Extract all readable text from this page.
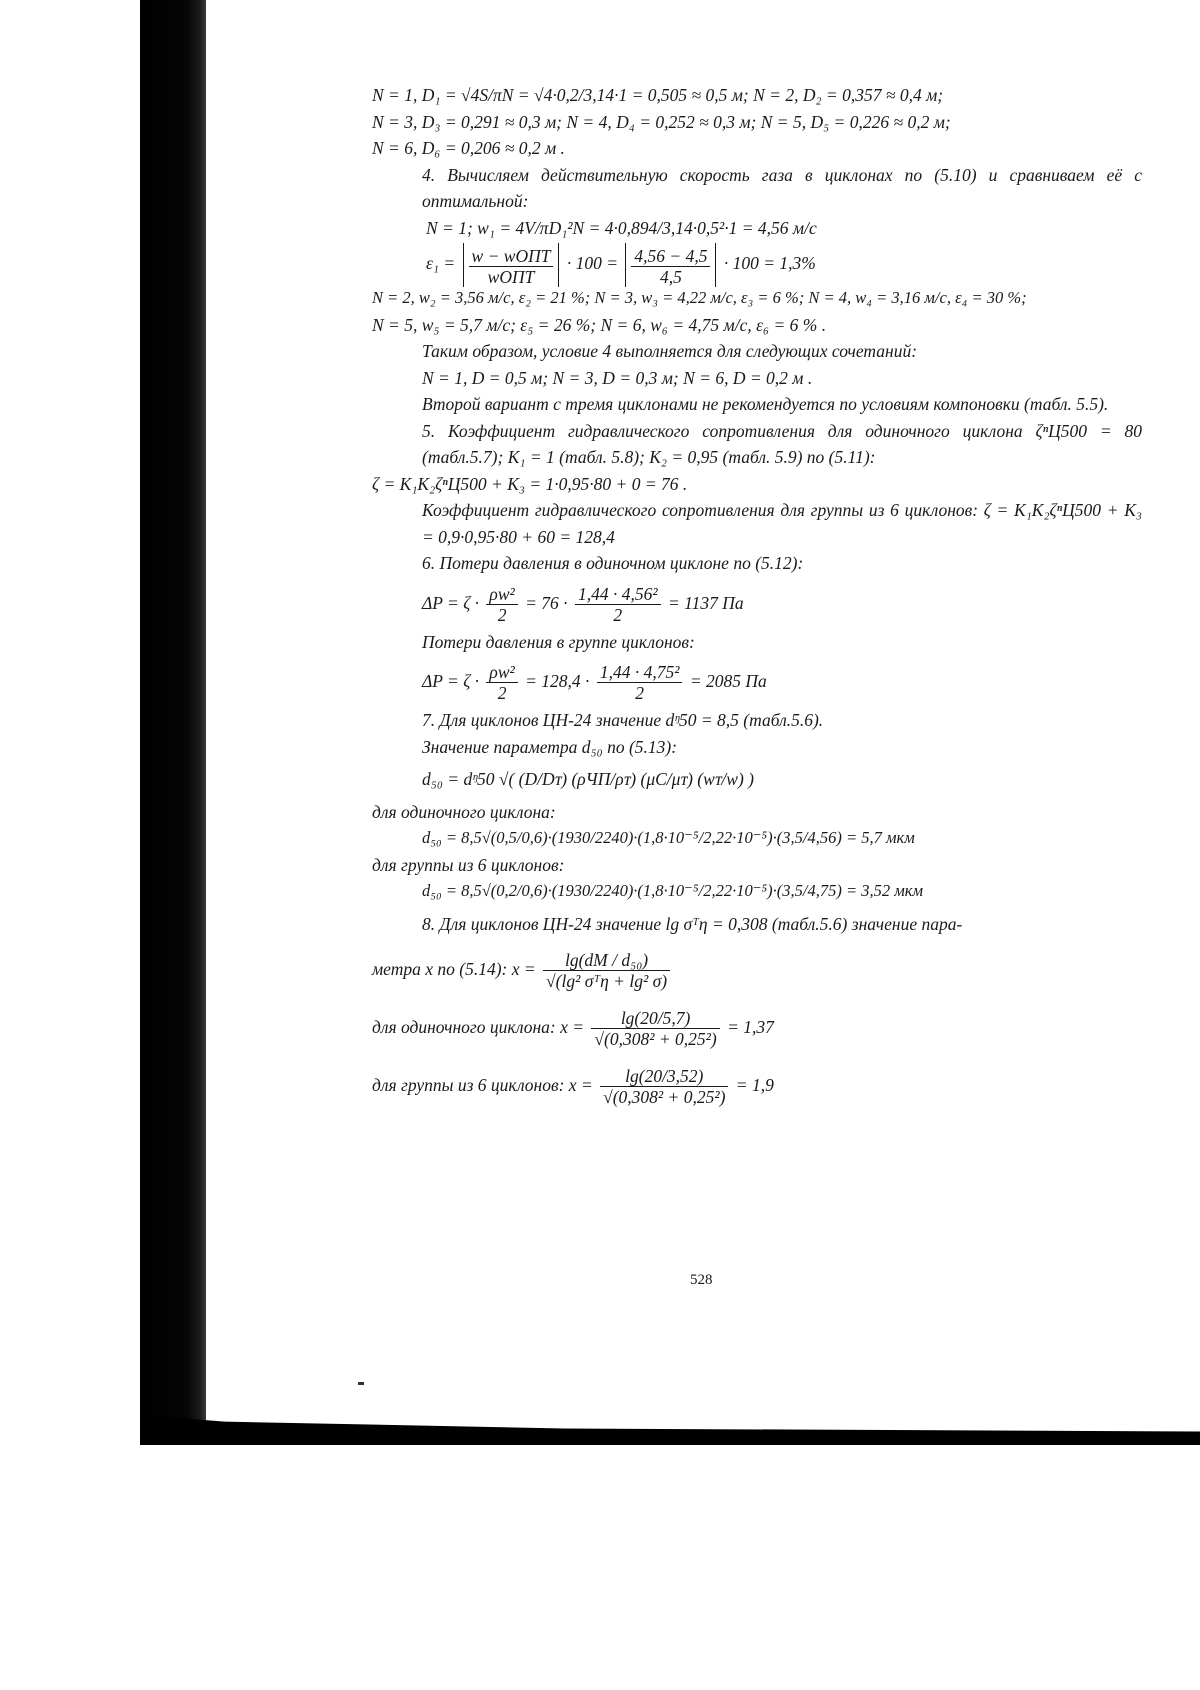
N = 1, D₁ = √4S/πN = √4·0,2/3,14·1 = 0,505 ≈ 0,5 м; N = 2, D₂ = 0,357 ≈ 0,4 м;
N = 3, D₃ = 0,291 ≈ 0,3 м; N = 4, D₄ = 0,252 ≈ 0,3 м; N = 5, D₅ = 0,226 ≈ 0,2 м;
N = 6, D₆ = 0,206 ≈ 0,2 м .
4. Вычисляем действительную скорость газа в циклонах по (5.10) и сравниваем её с оптимальной:
N = 1; w₁ = 4V/πD₁²N = 4·0,894/3,14·0,5²·1 = 4,56 м/с
$\varepsilon_1 = \frac{\text{w − wОПТ}}{\text{wОПТ}} \cdot 100 = \frac{4,56 - 4,5}{4,5} \cdot 100 = 1,3\%$
N = 2, w₂ = 3,56 м/с, ε₂ = 21 %; N = 3, w₃ = 4,22 м/с, ε₃ = 6 %; N = 4, w₄ = 3,16 м/с, ε₄ = 30 %;
N = 5, w₅ = 5,7 м/с; ε₅ = 26 %; N = 6, w₆ = 4,75 м/с, ε₆ = 6 % .
Таким образом, условие 4 выполняется для следующих сочетаний:
N = 1, D = 0,5 м; N = 3, D = 0,3 м; N = 6, D = 0,2 м .
Второй вариант с тремя циклонами не рекомендуется по условиям компоновки (табл. 5.5).
5. Коэффициент гидравлического сопротивления для одиночного циклона ζⁿЦ500 = 80 (табл.5.7); K₁ = 1 (табл. 5.8); K₂ = 0,95 (табл. 5.9) по (5.11):
ζ = K₁K₂ζⁿЦ500 + K₃ = 1·0,95·80 + 0 = 76 .
Коэффициент гидравлического сопротивления для группы из 6 циклонов: ζ = K₁K₂ζⁿЦ500 + K₃ = 0,9·0,95·80 + 60 = 128,4
6. Потери давления в одиночном циклоне по (5.12):
$\Delta P = \zeta \cdot \frac{\text{ρw²}}{2} = 76 \cdot \frac{\text{1,44 · 4,56²}}{2} = 1137$ Па
Потери давления в группе циклонов:
$\Delta P = \zeta \cdot \frac{\text{ρw²}}{2} = 128,4 \cdot \frac{\text{1,44 · 4,75²}}{2} = 2085$ Па
7. Для циклонов ЦН-24 значение dᵑ50 = 8,5 (табл.5.6).
Значение параметра d₅₀ по (5.13):
d₅₀ = dᵑ50 √( (D/Dᴛ) (ρЧП/ρᴛ) (μС/μᴛ) (wᴛ/w) )
для одиночного циклона:
d₅₀ = 8,5√(0,5/0,6)·(1930/2240)·(1,8·10⁻⁵/2,22·10⁻⁵)·(3,5/4,56) = 5,7 мкм
для группы из 6 циклонов:
d₅₀ = 8,5√(0,2/0,6)·(1930/2240)·(1,8·10⁻⁵/2,22·10⁻⁵)·(3,5/4,75) = 3,52 мкм
8. Для циклонов ЦН-24 значение lg σᵀη = 0,308 (табл.5.6) значение пара-
метра x по (5.14): $x = \frac{\text{lg(dМ / d₅₀)}}{\text{√(lg² σᵀη + lg² σ)}}$
для одиночного циклона: $x = \frac{\lg(20/5,7)}{\text{√(0,308² + 0,25²)}} = 1,37$
для группы из 6 циклонов: $x = \frac{\lg(20/3,52)}{\text{√(0,308² + 0,25²)}} = 1,9$
528
